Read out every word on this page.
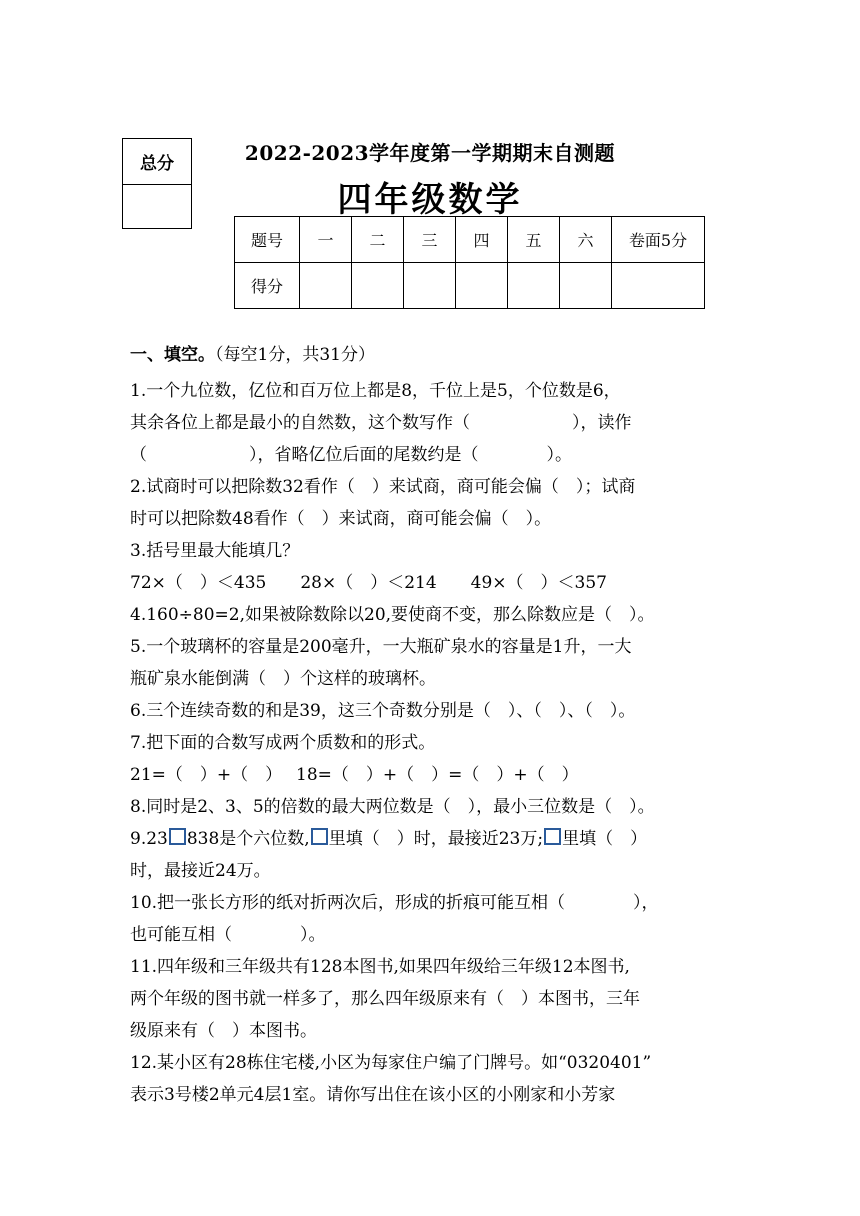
总分	2022-2023学年度第一学期期末自测题
四年级数学
题号	一	二	三	四	五	六	卷面5分
得分							
一、填空。（每空1分，共31分）

1.一个九位数，亿位和百万位上都是8，千位上是5，个位数是6，

其余各位上都是最小的自然数，这个数写作（　　　　　　），读作

（　　　　　　），省略亿位后面的尾数约是（　　　　）。

2.试商时可以把除数32看作（　）来试商，商可能会偏（　）；试商

时可以把除数48看作（　）来试商，商可能会偏（　）。

3.括号里最大能填几？

72×（　）＜435　　28×（　）＜214　　49×（　）＜357

4.160÷80=2,如果被除数除以20,要使商不变，那么除数应是（　）。

5.一个玻璃杯的容量是200毫升，一大瓶矿泉水的容量是1升，一大

瓶矿泉水能倒满（　）个这样的玻璃杯。

6.三个连续奇数的和是39，这三个奇数分别是（　）、（　）、（　）。

7.把下面的合数写成两个质数和的形式。

21=（　）+（　）　 18=（　）+（　）=（　）+（　）

8.同时是2、3、5的倍数的最大两位数是（　），最小三位数是（　）。

9.23 838是个六位数, 里填（　）时，最接近23万; 里填（　）

时，最接近24万。

10.把一张长方形的纸对折两次后，形成的折痕可能互相（　　　　），

也可能互相（　　　　）。

11.四年级和三年级共有128本图书,如果四年级给三年级12本图书,

两个年级的图书就一样多了，那么四年级原来有（　）本图书，三年

级原来有（　）本图书。

12.某小区有28栋住宅楼,小区为每家住户编了门牌号。如“0320401”

表示3号楼2单元4层1室。请你写出住在该小区的小刚家和小芳家
